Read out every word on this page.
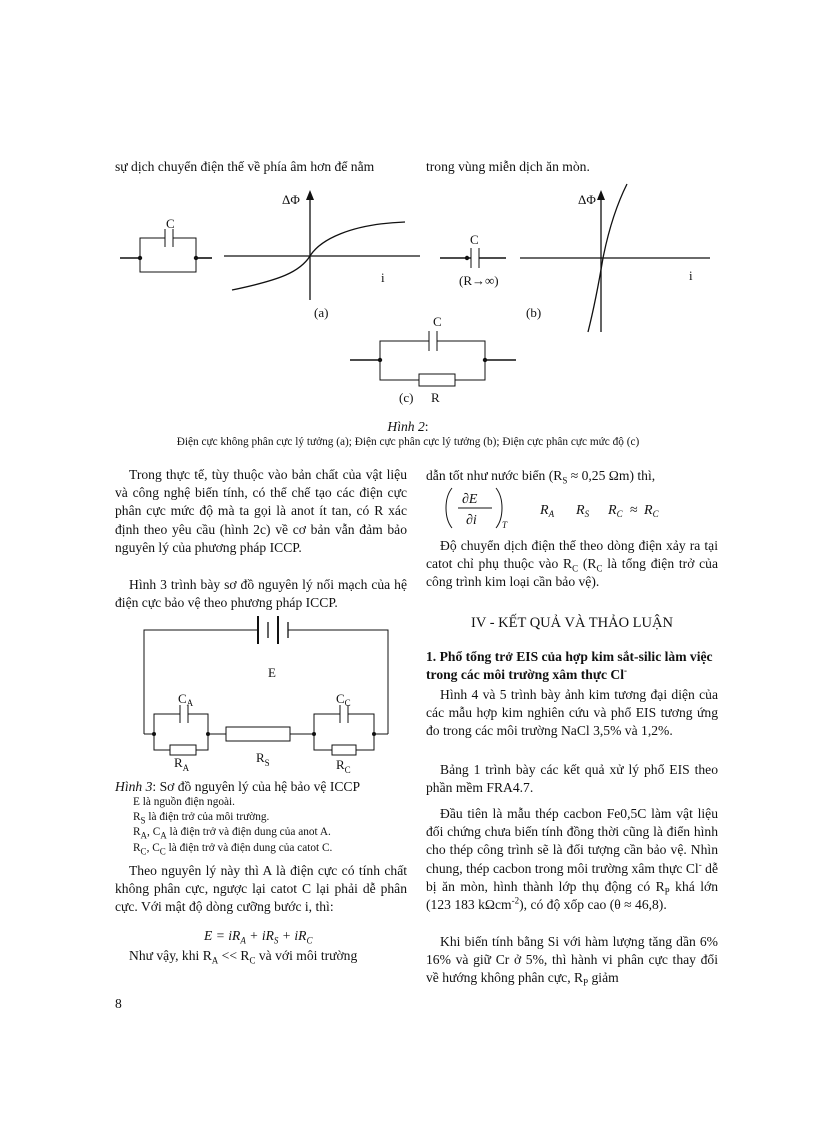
sự dịch chuyển điện thế về phía âm hơn để nằm	trong vùng miễn dịch ăn mòn.
C
ΔΦ
i
(a)
C
(R→∞)
ΔΦ
i
(b)
C
R
(c)
Hình 2:
Điện cực không phân cực lý tưởng (a); Điện cực phân cực lý tưởng (b); Điện cực phân cực mức độ (c)
Trong thực tế, tùy thuộc vào bản chất của vật liệu và công nghệ biến tính, có thể chế tạo các điện cực phân cực mức độ mà ta gọi là anot ít tan, có R xác định theo yêu cầu (hình 2c) về cơ bản vẫn đảm bảo nguyên lý của phương pháp ICCP.
Hình 3 trình bày sơ đồ nguyên lý nối mạch của hệ điện cực bảo vệ theo phương pháp ICCP.
E
$C_A$	$C_C$
$R_A$
$R_S$	$R_C$
Hình 3: Sơ đồ nguyên lý của hệ bảo vệ ICCP
E là nguồn điện ngoài.
$R_S$ là điện trở của môi trường.
$R_A$, $C_A$ là điện trở và điện dung của anot A.
$R_C$, $C_C$ là điện trở và điện dung của catot C.
Theo nguyên lý này thì A là điện cực có tính chất không phân cực, ngược lại catot C lại phải dễ phân cực. Với mật độ dòng cưỡng bước i, thì:
$E = iR_A + iR_S + iR_C$
Như vậy, khi $R_A << R_C$ và với môi trường
8
dẫn tốt như nước biển ($R_S \approx 0,25$ Ωm) thì,
∂E
∂i	T
$R_A$ $R_S$ $R_C \approx R_C$
Độ chuyển dịch điện thế theo dòng điện xảy ra tại catot chỉ phụ thuộc vào $R_C$ ($R_C$ là tổng điện trở của công trình kim loại cần bảo vệ).
IV - KẾT QUẢ VÀ THẢO LUẬN
1. Phổ tổng trở EIS của hợp kim sắt-silic làm việc trong các môi trường xâm thực Cl-
Hình 4 và 5 trình bày ảnh kim tương đại diện của các mẫu hợp kim nghiên cứu và phổ EIS tương ứng đo trong các môi trường NaCl 3,5% và 1,2%.
Bảng 1 trình bày các kết quả xử lý phổ EIS theo phần mềm FRA4.7.
Đầu tiên là mẫu thép cacbon Fe0,5C làm vật liệu đối chứng chưa biến tính đồng thời cũng là điển hình cho thép công trình sẽ là đối tượng cần bảo vệ. Nhìn chung, thép cacbon trong môi trường xâm thực Cl- dễ bị ăn mòn, hình thành lớp thụ động có $R_P$ khá lớn (123 183 kΩcm$^{-2}$), có độ xốp cao (θ ≈ 46,8).
Khi biến tính bằng Si với hàm lượng tăng dần 6% 16% và giữ Cr ở 5%, thì hành vi phân cực thay đổi về hướng không phân cực, $R_P$ giảm
